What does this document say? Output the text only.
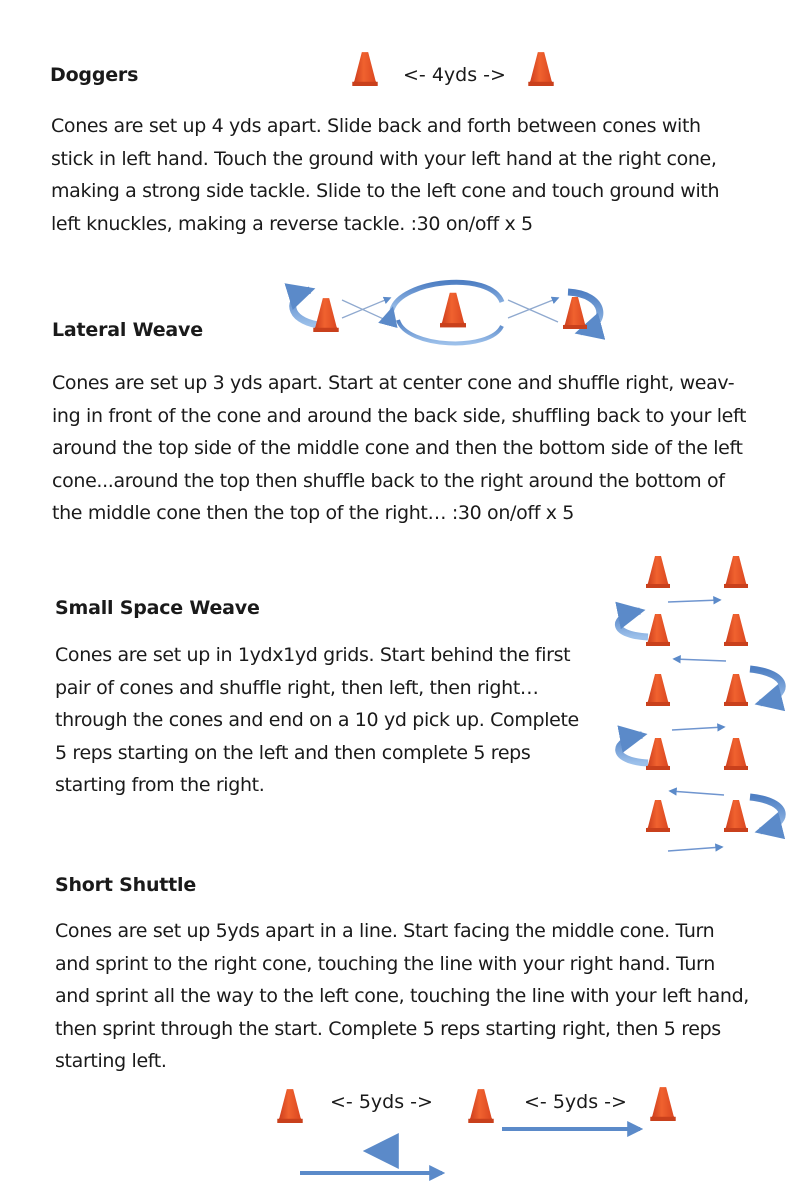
Doggers	<- 4yds ->
Cones are set up 4 yds apart. Slide back and forth between cones with
stick in left hand. Touch the ground with your left hand at the right cone,
making a strong side tackle. Slide to the left cone and touch ground with
left knuckles, making a reverse tackle. :30 on/off x 5
Lateral Weave
Cones are set up 3 yds apart. Start at center cone and shuffle right, weav-
ing in front of the cone and around the back side, shuffling back to your left
around the top side of the middle cone and then the bottom side of the left
cone...around the top then shuffle back to the right around the bottom of
the middle cone then the top of the right… :30 on/off x 5
Small Space Weave
Cones are set up in 1ydx1yd grids. Start behind the first
pair of cones and shuffle right, then left, then right…
through the cones and end on a 10 yd pick up. Complete
5 reps starting on the left and then complete 5 reps
starting from the right.
Short Shuttle
Cones are set up 5yds apart in a line. Start facing the middle cone. Turn
and sprint to the right cone, touching the line with your right hand. Turn
and sprint all the way to the left cone, touching the line with your left hand,
then sprint through the start. Complete 5 reps starting right, then 5 reps
starting left.
<- 5yds ->	<- 5yds ->
